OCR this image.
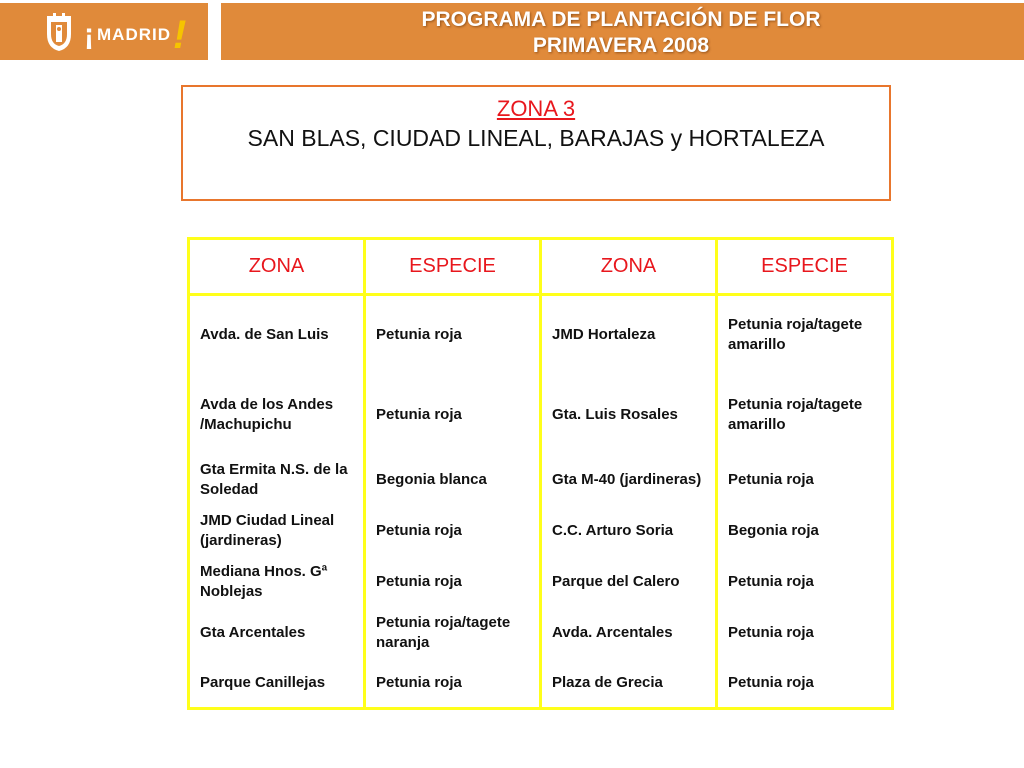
¡ MADRID !	PROGRAMA DE PLANTACIÓN DE FLOR
PRIMAVERA 2008
ZONA 3
SAN BLAS, CIUDAD LINEAL, BARAJAS y HORTALEZA
ZONA	ESPECIE	ZONA	ESPECIE
Avda. de San Luis	Petunia roja	JMD Hortaleza	Petunia roja/tagete amarillo
Avda de los Andes /Machupichu	Petunia roja	Gta. Luis Rosales	Petunia roja/tagete amarillo
Gta Ermita N.S. de la Soledad	Begonia blanca	Gta M-40 (jardineras)	Petunia roja
JMD Ciudad Lineal (jardineras)	Petunia roja	C.C. Arturo Soria	Begonia roja
Mediana Hnos. Gª Noblejas	Petunia roja	Parque del Calero	Petunia roja
Gta Arcentales	Petunia roja/tagete naranja	Avda. Arcentales	Petunia roja
Parque Canillejas	Petunia roja	Plaza de Grecia	Petunia roja
